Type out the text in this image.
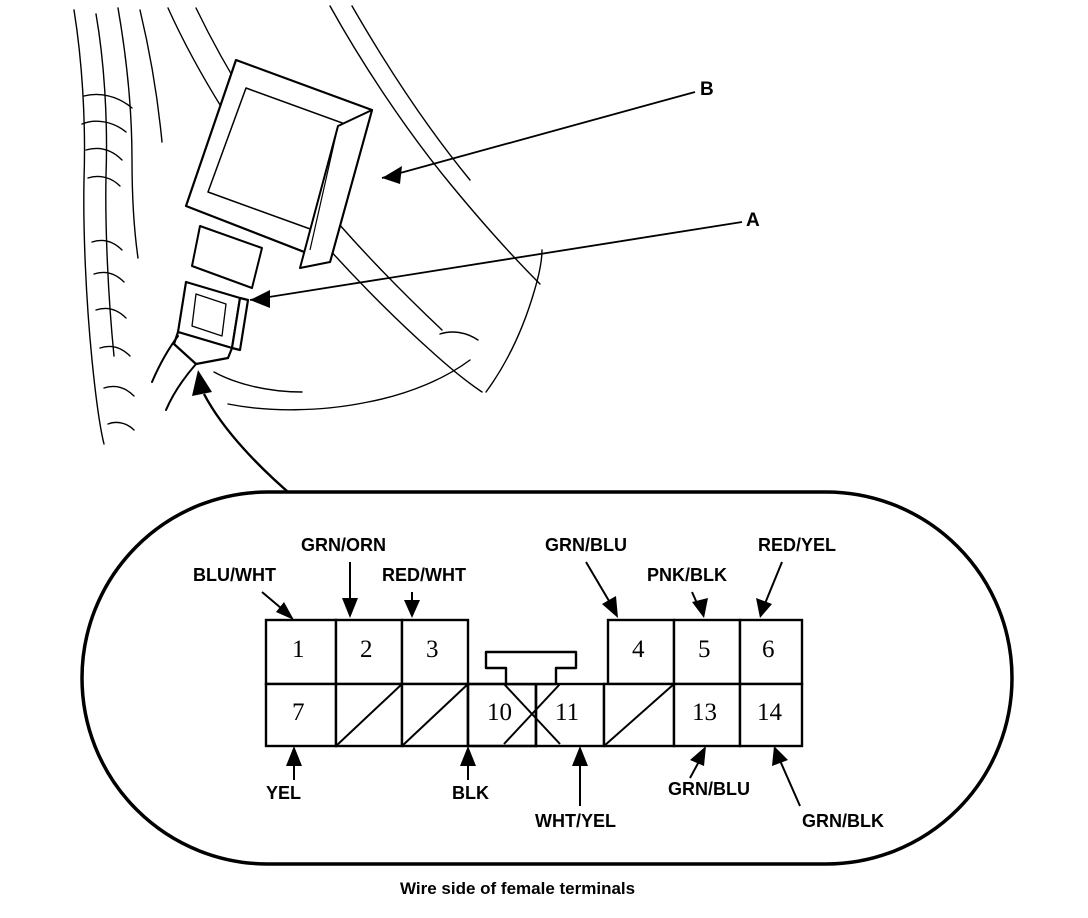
B
A
BLU/WHT
GRN/ORN
RED/WHT
GRN/BLU
PNK/BLK
RED/YEL
YEL	BLK
WHT/YEL
GRN/BLU
GRN/BLK
1 2 3	4 5 6
7	10 11	13 14
Wire side of female terminals
